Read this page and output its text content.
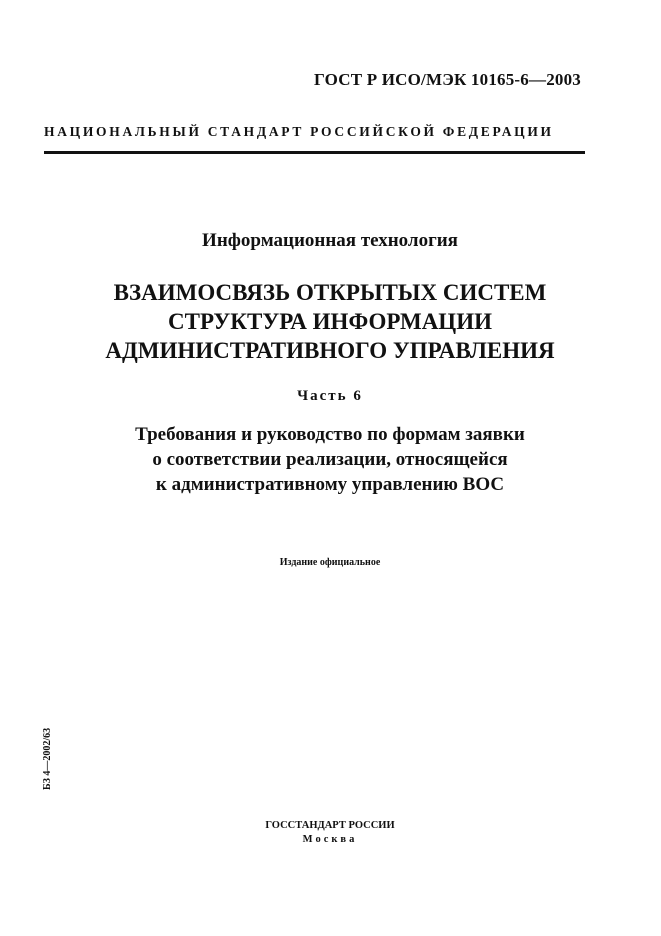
ГОСТ Р ИСО/МЭК 10165-6—2003
НАЦИОНАЛЬНЫЙ СТАНДАРТ РОССИЙСКОЙ ФЕДЕРАЦИИ
Информационная технология
ВЗАИМОСВЯЗЬ ОТКРЫТЫХ СИСТЕМ
СТРУКТУРА ИНФОРМАЦИИ
АДМИНИСТРАТИВНОГО УПРАВЛЕНИЯ
Часть 6
Требования и руководство по формам заявки
о соответствии реализации, относящейся
к административному управлению ВОС
Издание официальное
БЗ 4—2002/63
ГОССТАНДАРТ РОССИИ
Москва
